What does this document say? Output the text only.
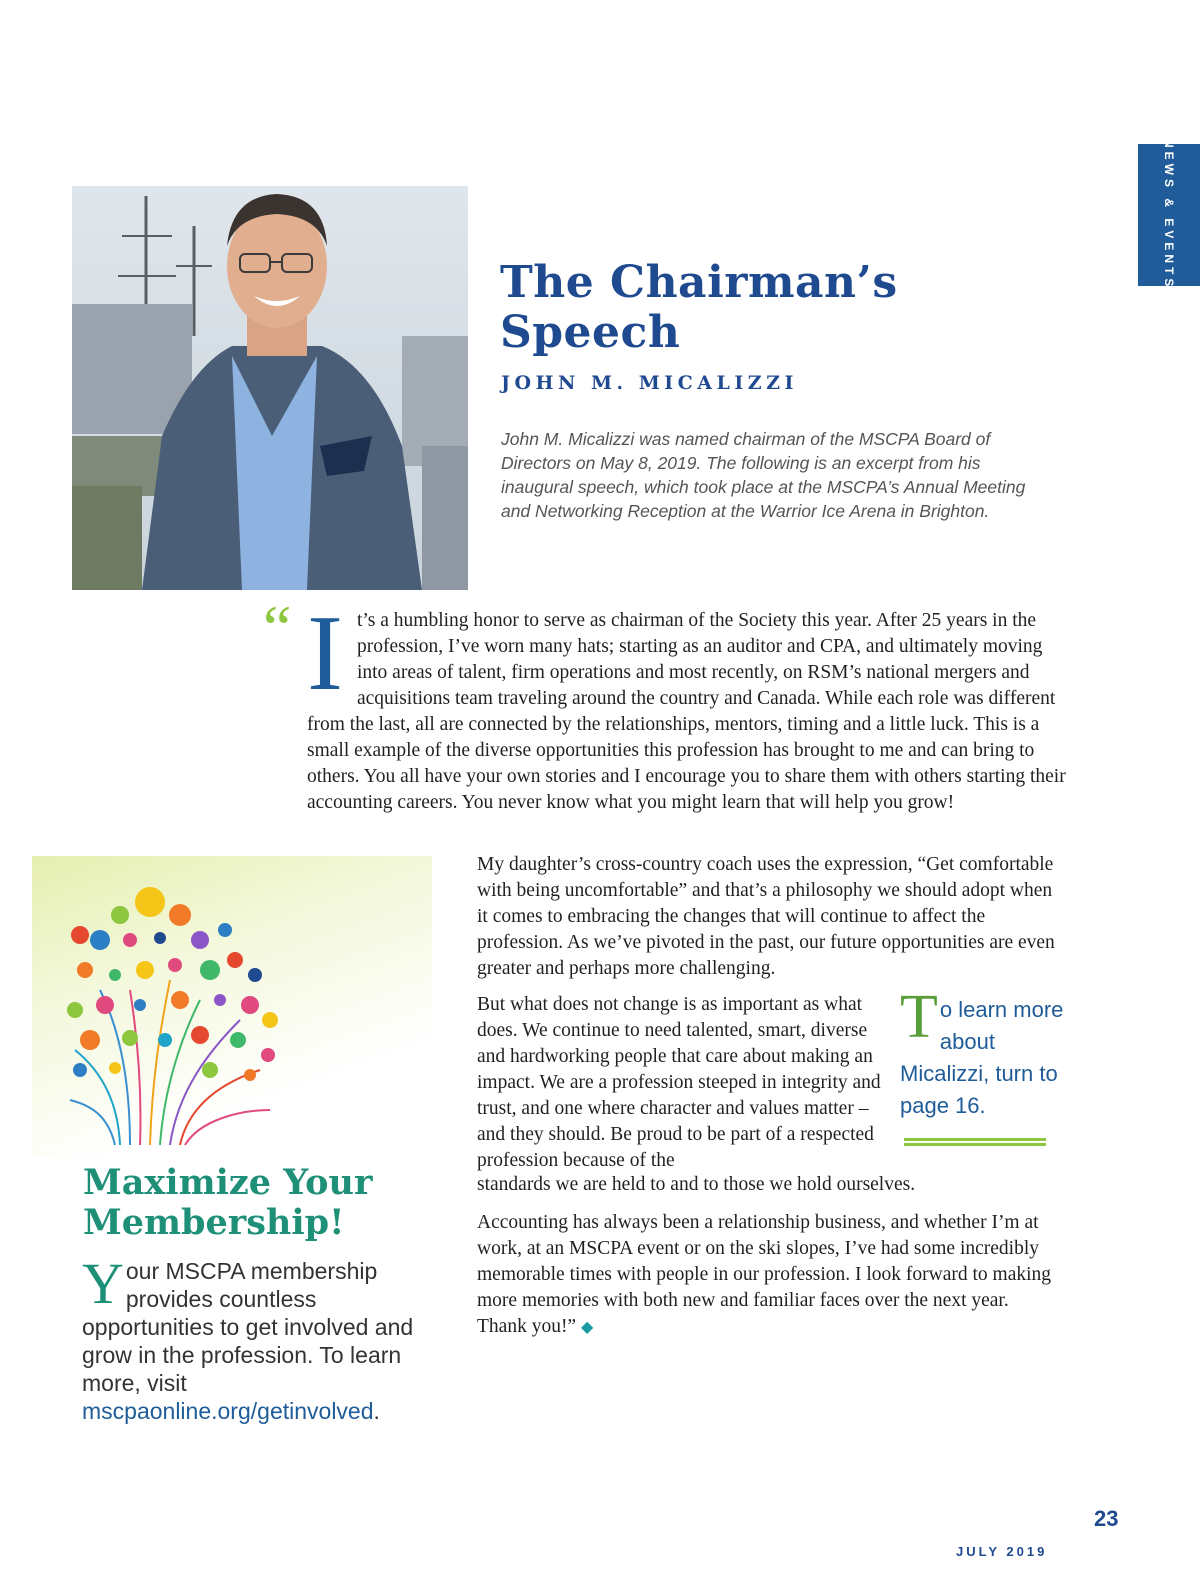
NEWS & EVENTS
The Chairman’s Speech
JOHN M. MICALIZZI
John M. Micalizzi was named chairman of the MSCPA Board of Directors on May 8, 2019. The following is an excerpt from his inaugural speech, which took place at the MSCPA’s Annual Meeting and Networking Reception at the Warrior Ice Arena in Brighton.
“ I t’s a humbling honor to serve as chairman of the Society this year. After 25 years in the profession, I’ve worn many hats; starting as an auditor and CPA, and ultimately moving into areas of talent, firm operations and most recently, on RSM’s national mergers and acquisitions team traveling around the country and Canada. While each role was different from the last, all are connected by the relationships, mentors, timing and a little luck. This is a small example of the diverse opportunities this profession has brought to me and can bring to others. You all have your own stories and I encourage you to share them with others starting their accounting careers. You never know what you might learn that will help you grow!
My daughter’s cross-country coach uses the expression, “Get comfortable with being uncomfortable” and that’s a philosophy we should adopt when it comes to embracing the changes that will continue to affect the profession. As we’ve pivoted in the past, our future opportunities are even greater and perhaps more challenging.
But what does not change is as important as what does. We continue to need talented, smart, diverse and hardworking people that care about making an impact. We are a profession steeped in integrity and trust, and one where character and values matter – and they should. Be proud to be part of a respected profession because of the
standards we are held to and to those we hold ourselves.
Accounting has always been a relationship business, and whether I’m at work, at an MSCPA event or on the ski slopes, I’ve had some incredibly memorable times with people in our profession. I look forward to making more memories with both new and familiar faces over the next year. Thank you!” ◆
T o learn more about Micalizzi, turn to page 16.
Maximize Your Membership!
Y our MSCPA membership provides countless opportunities to get involved and grow in the profession. To learn more, visit mscpaonline.org/getinvolved.
JULY 2019
23
